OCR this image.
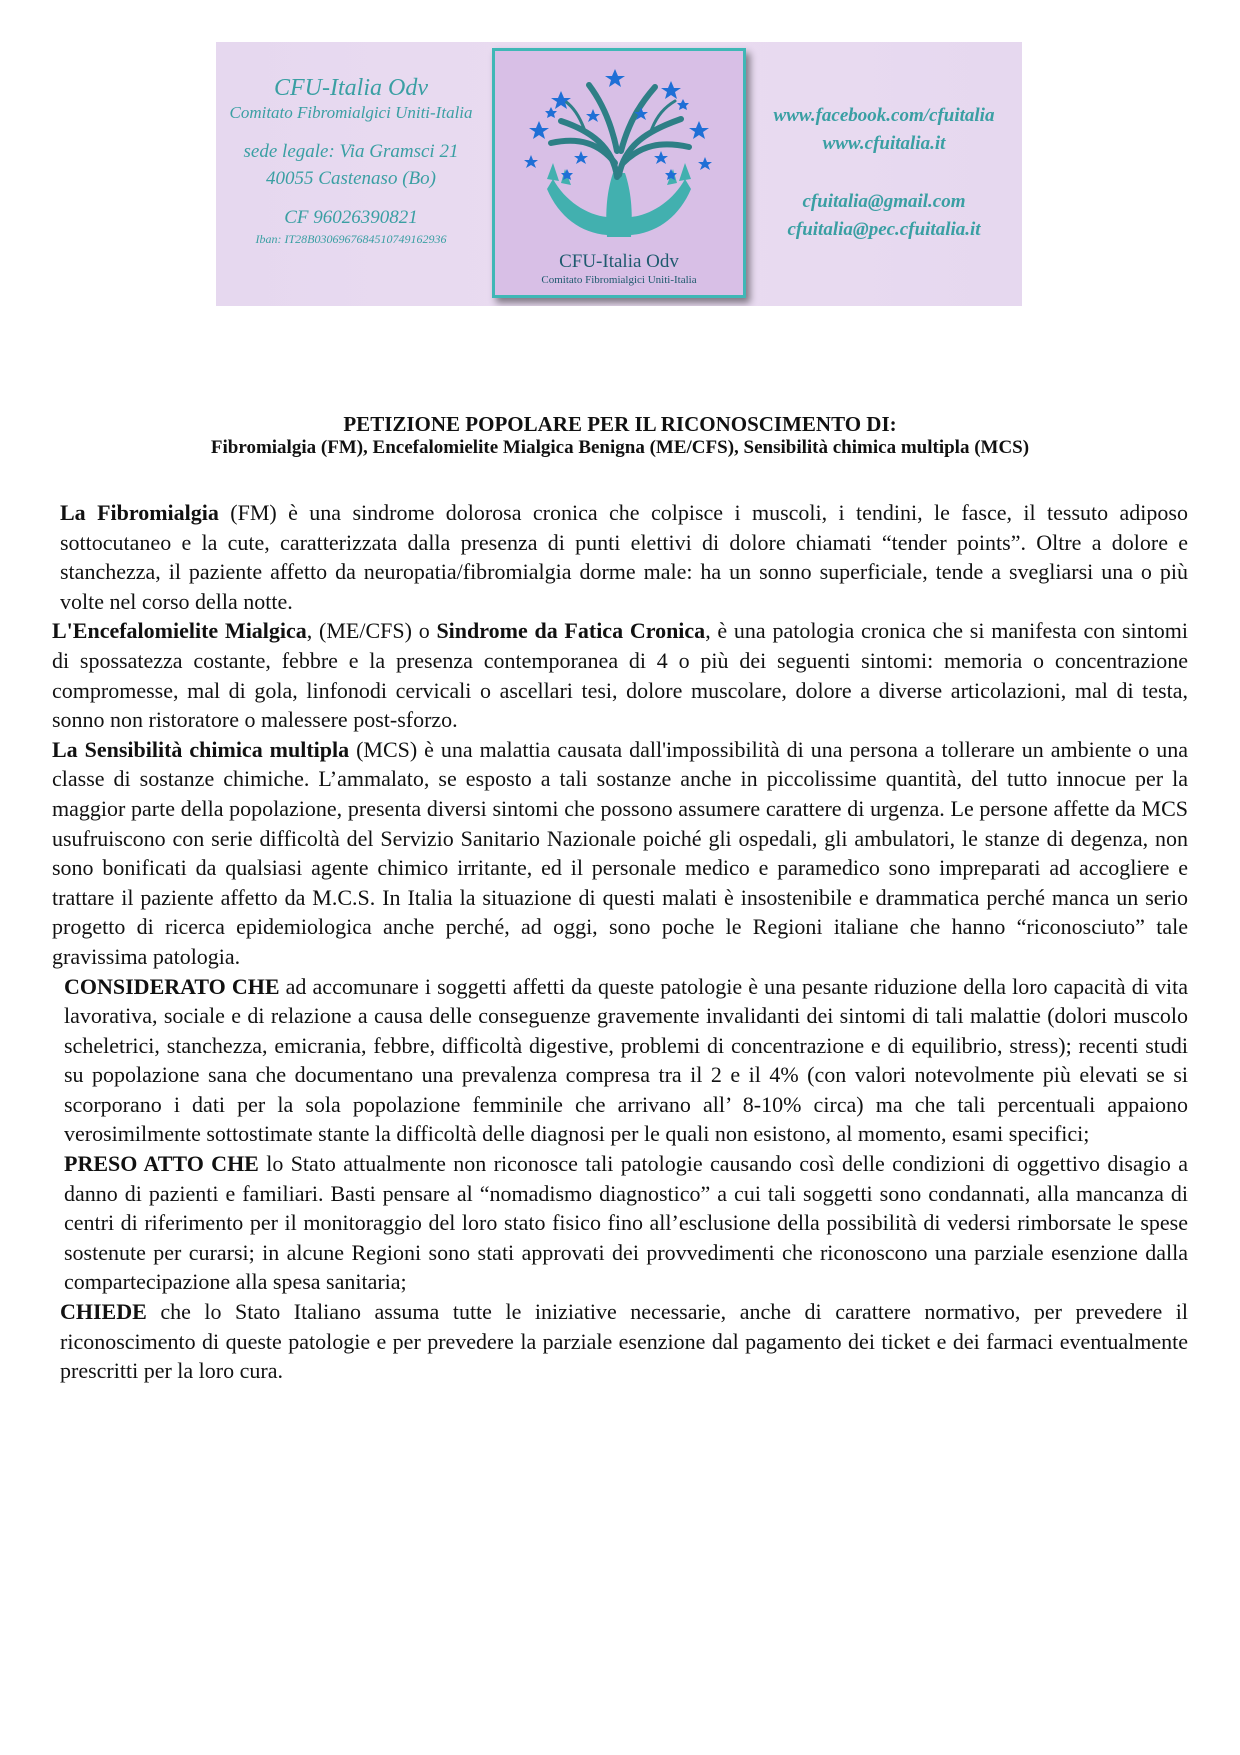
CFU-Italia Odv
Comitato Fibromialgici Uniti-Italia
sede legale: Via Gramsci 21
40055 Castenaso (Bo)
CF 96026390821
Iban: IT28B0306967684510749162936
CFU-Italia Odv
Comitato Fibromialgici Uniti-Italia
www.facebook.com/cfuitalia
www.cfuitalia.it
cfuitalia@gmail.com
cfuitalia@pec.cfuitalia.it
PETIZIONE POPOLARE PER IL RICONOSCIMENTO DI:
Fibromialgia (FM), Encefalomielite Mialgica Benigna (ME/CFS), Sensibilità chimica multipla (MCS)

La Fibromialgia (FM) è una sindrome dolorosa cronica che colpisce i muscoli, i tendini, le fasce, il tessuto adiposo sottocutaneo e la cute, caratterizzata dalla presenza di punti elettivi di dolore chiamati “tender points”. Oltre a dolore e stanchezza, il paziente affetto da neuropatia/fibromialgia dorme male: ha un sonno superficiale, tende a svegliarsi una o più volte nel corso della notte.

L'Encefalomielite Mialgica, (ME/CFS) o Sindrome da Fatica Cronica, è una patologia cronica che si manifesta con sintomi di spossatezza costante, febbre e la presenza contemporanea di 4 o più dei seguenti sintomi: memoria o concentrazione compromesse, mal di gola, linfonodi cervicali o ascellari tesi, dolore muscolare, dolore a diverse articolazioni, mal di testa, sonno non ristoratore o malessere post-sforzo.

La Sensibilità chimica multipla (MCS) è una malattia causata dall'impossibilità di una persona a tollerare un ambiente o una classe di sostanze chimiche. L’ammalato, se esposto a tali sostanze anche in piccolissime quantità, del tutto innocue per la maggior parte della popolazione, presenta diversi sintomi che possono assumere carattere di urgenza. Le persone affette da MCS usufruiscono con serie difficoltà del Servizio Sanitario Nazionale poiché gli ospedali, gli ambulatori, le stanze di degenza, non sono bonificati da qualsiasi agente chimico irritante, ed il personale medico e paramedico sono impreparati ad accogliere e trattare il paziente affetto da M.C.S. In Italia la situazione di questi malati è insostenibile e drammatica perché manca un serio progetto di ricerca epidemiologica anche perché, ad oggi, sono poche le Regioni italiane che hanno “riconosciuto” tale gravissima patologia.

CONSIDERATO CHE ad accomunare i soggetti affetti da queste patologie è una pesante riduzione della loro capacità di vita lavorativa, sociale e di relazione a causa delle conseguenze gravemente invalidanti dei sintomi di tali malattie (dolori muscolo scheletrici, stanchezza, emicrania, febbre, difficoltà digestive, problemi di concentrazione e di equilibrio, stress); recenti studi su popolazione sana che documentano una prevalenza compresa tra il 2 e il 4% (con valori notevolmente più elevati se si scorporano i dati per la sola popolazione femminile che arrivano all’ 8-10% circa) ma che tali percentuali appaiono verosimilmente sottostimate stante la difficoltà delle diagnosi per le quali non esistono, al momento, esami specifici;

PRESO ATTO CHE lo Stato attualmente non riconosce tali patologie causando così delle condizioni di oggettivo disagio a danno di pazienti e familiari. Basti pensare al “nomadismo diagnostico” a cui tali soggetti sono condannati, alla mancanza di centri di riferimento per il monitoraggio del loro stato fisico fino all’esclusione della possibilità di vedersi rimborsate le spese sostenute per curarsi; in alcune Regioni sono stati approvati dei provvedimenti che riconoscono una parziale esenzione dalla compartecipazione alla spesa sanitaria;

CHIEDE che lo Stato Italiano assuma tutte le iniziative necessarie, anche di carattere normativo, per prevedere il riconoscimento di queste patologie e per prevedere la parziale esenzione dal pagamento dei ticket e dei farmaci eventualmente prescritti per la loro cura.
